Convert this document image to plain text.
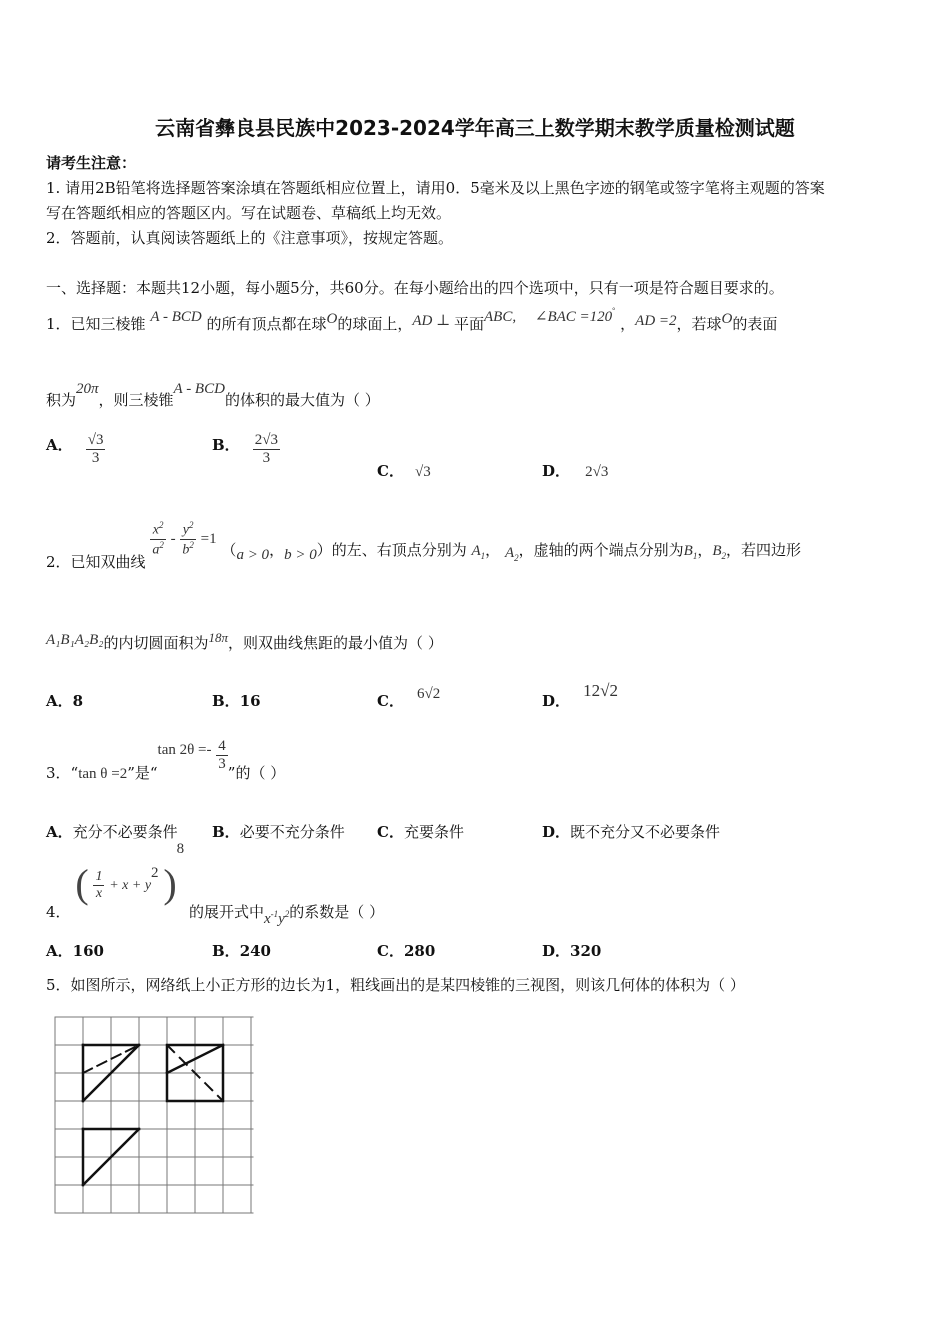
云南省彝良县民族中2023-2024学年高三上数学期末教学质量检测试题
请考生注意：
1. 请用2B铅笔将选择题答案涂填在答题纸相应位置上，请用0．5毫米及以上黑色字迹的钢笔或签字笔将主观题的答案
写在答题纸相应的答题区内。写在试题卷、草稿纸上均无效。
2．答题前，认真阅读答题纸上的《注意事项》，按规定答题。
一、选择题：本题共12小题，每小题5分，共60分。在每小题给出的四个选项中，只有一项是符合题目要求的。
1．已知三棱锥 A - BCD 的所有顶点都在球O的球面上，AD ⊥ 平面ABC, ∠BAC =120° ，AD =2，若球O的表面
积为20π，则三棱锥A - BCD的体积的最大值为（ ）
A． $\frac{√3}{3}$	B． $\frac{2√3}{3}$
C． √3	D． 2√3
2．已知双曲线
$\frac{x^2}{a^2} - \frac{y^2}{b^2} =1$ （a > 0，b > 0）的左、右顶点分别为 $A_1$， $A_2$，虚轴的两个端点分别为$B_1$，$B_2$，若四边形
A₁B₁A₂B₂的内切圆面积为18π，则双曲线焦距的最小值为（ ）
A．8	B．16	C． 6√2	D． 12√2
3．“tan θ =2”是“tan $2\theta =- \frac{4}{3}$ ”的（ ）
A．充分不必要条件 B．必要不充分条件 C．充要条件	D．既不充分又不必要条件
4． ( $\frac{1}{x} + x + y^2$ )$^8$ 的展开式中$x^{-1}y^2$的系数是（ ）
A．160	B．240	C．280	D．320
5．如图所示，网络纸上小正方形的边长为1，粗线画出的是某四棱锥的三视图，则该几何体的体积为（ ）
